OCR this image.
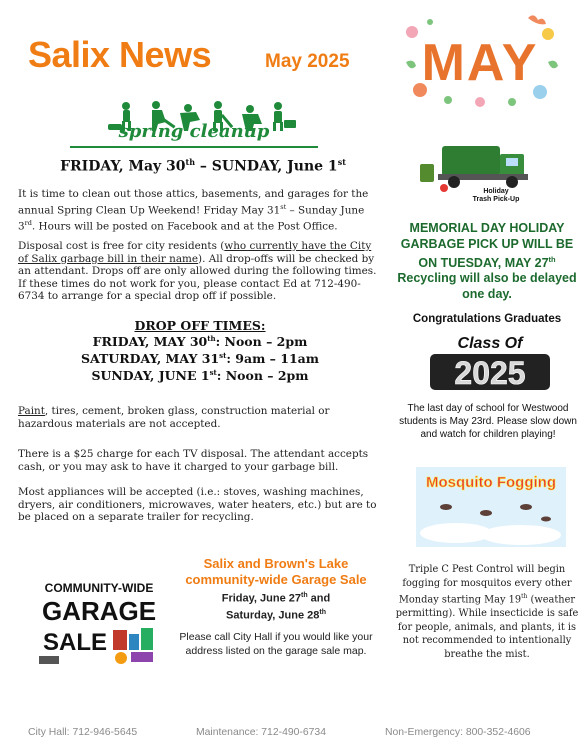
Salix News	May 2025
spring cleanup
FRIDAY, May 30th – SUNDAY, June 1st
It is time to clean out those attics, basements, and garages for the annual Spring Clean Up Weekend! Friday May 31st – Sunday June 3rd. Hours will be posted on Facebook and at the Post Office.
Disposal cost is free for city residents (who currently have the City of Salix garbage bill in their name). All drop-offs will be checked by an attendant. Drops off are only allowed during the following times. If these times do not work for you, please contact Ed at 712-490-6734 to arrange for a special drop off if possible.
DROP OFF TIMES:
FRIDAY, MAY 30th: Noon – 2pm
SATURDAY, MAY 31st: 9am – 11am
SUNDAY, JUNE 1st: Noon – 2pm
Paint, tires, cement, broken glass, construction material or hazardous materials are not accepted.
There is a $25 charge for each TV disposal. The attendant accepts cash, or you may ask to have it charged to your garbage bill.
Most appliances will be accepted (i.e.: stoves, washing machines, dryers, air conditioners, microwaves, water heaters, etc.) but are to be placed on a separate trailer for recycling.
COMMUNITY-WIDE
GARAGE
SALE
Salix and Brown's Lake
community-wide Garage Sale
Friday, June 27th and
Saturday, June 28th
Please call City Hall if you would like your address listed on the garage sale map.
MAY
Holiday
Trash Pick-Up
MEMORIAL DAY HOLIDAY GARBAGE PICK UP WILL BE ON TUESDAY, MAY 27th
Recycling will also be delayed one day.
Congratulations Graduates
Class Of
2025
The last day of school for Westwood students is May 23rd. Please slow down and watch for children playing!
Mosquito Fogging
Triple C Pest Control will begin fogging for mosquitos every other Monday starting May 19th (weather permitting). While insecticide is safe for people, animals, and plants, it is not recommended to intentionally breathe the mist.
City Hall: 712-946-5645	Maintenance: 712-490-6734	Non-Emergency: 800-352-4606
